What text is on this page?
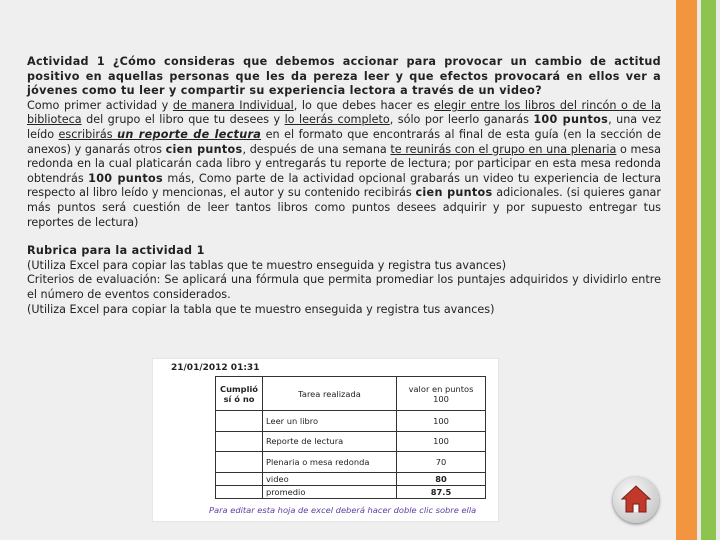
Actividad 1 ¿Cómo consideras que debemos accionar para provocar un cambio de actitud positivo en aquellas personas que les da pereza leer y que efectos provocará en ellos ver a jóvenes como tu leer y compartir su experiencia lectora a través de un video?

Como primer actividad y de manera Individual, lo que debes hacer es elegir entre los libros del rincón o de la biblioteca del grupo el libro que tu desees y lo leerás completo, sólo por leerlo ganarás 100 puntos, una vez leído escribirás un reporte de lectura en el formato que encontrarás al final de esta guía (en la sección de anexos) y ganarás otros cien puntos, después de una semana te reunirás con el grupo en una plenaria o mesa redonda en la cual platicarán cada libro y entregarás tu reporte de lectura; por participar en esta mesa redonda obtendrás 100 puntos más, Como parte de la actividad opcional grabarás un video tu experiencia de lectura respecto al libro leído y mencionas, el autor y su contenido recibirás cien puntos adicionales. (si quieres ganar más puntos será cuestión de leer tantos libros como puntos desees adquirir y por supuesto entregar tus reportes de lectura)

Rubrica para la actividad 1

(Utiliza Excel para copiar las tablas que te muestro enseguida y registra tus avances)

Criterios de evaluación: Se aplicará una fórmula que permita promediar los puntajes adquiridos y dividirlo entre el número de eventos considerados.

(Utiliza Excel para copiar la tabla que te muestro enseguida y registra tus avances)

21/01/2012 01:31
Cumplió sí ó no	Tarea realizada	valor en puntos 100
	Leer un libro	100
	Reporte de lectura	100
	Plenaria o mesa redonda	70
	video	80
	promedio	87.5
Para editar esta hoja de excel deberá hacer doble clic sobre ella
